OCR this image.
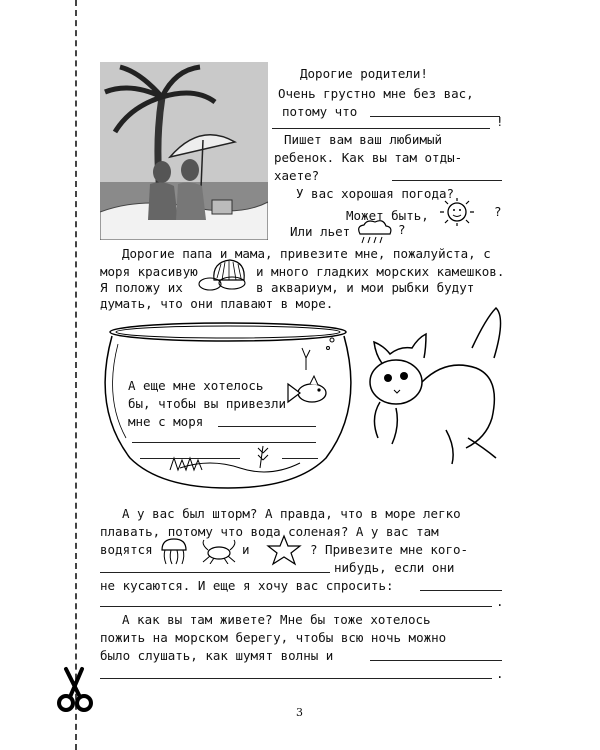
Дорогие родители!
Очень грустно мне без вас,
потому что
!
Пишет вам ваш любимый
ребенок. Как вы там отды-
хаете?
У вас хорошая погода?
Может быть,	?
Или льет	?
Дорогие папа и мама, привезите мне, пожалуйста, с
моря красивую	и много гладких морских камешков.
Я положу их	в аквариум, и мои рыбки будут
думать, что они плавают в море.
А еще мне хотелось
бы, чтобы вы привезли
мне с моря
А у вас был шторм? А правда, что в море легко
плавать, потому что вода соленая? А у вас там
водятся	и	? Привезите мне кого-
нибудь, если они
не кусаются. И еще я хочу вас спросить:
.
А как вы там живете? Мне бы тоже хотелось
пожить на морском берегу, чтобы всю ночь можно
было слушать, как шумят волны и
.
3
